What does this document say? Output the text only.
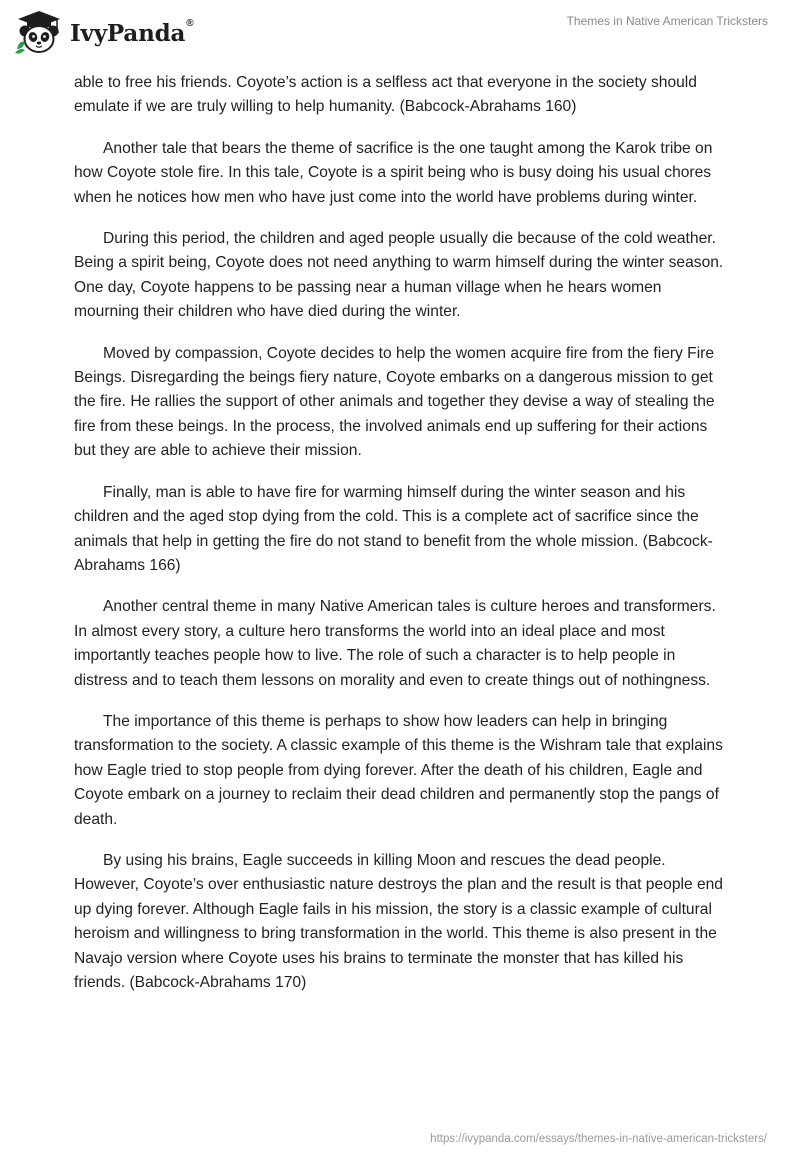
IvyPanda®	Themes in Native American Tricksters

able to free his friends. Coyote’s action is a selfless act that everyone in the society should emulate if we are truly willing to help humanity. (Babcock-Abrahams 160)

Another tale that bears the theme of sacrifice is the one taught among the Karok tribe on how Coyote stole fire. In this tale, Coyote is a spirit being who is busy doing his usual chores when he notices how men who have just come into the world have problems during winter.

During this period, the children and aged people usually die because of the cold weather. Being a spirit being, Coyote does not need anything to warm himself during the winter season. One day, Coyote happens to be passing near a human village when he hears women mourning their children who have died during the winter.

Moved by compassion, Coyote decides to help the women acquire fire from the fiery Fire Beings. Disregarding the beings fiery nature, Coyote embarks on a dangerous mission to get the fire. He rallies the support of other animals and together they devise a way of stealing the fire from these beings. In the process, the involved animals end up suffering for their actions but they are able to achieve their mission.

Finally, man is able to have fire for warming himself during the winter season and his children and the aged stop dying from the cold. This is a complete act of sacrifice since the animals that help in getting the fire do not stand to benefit from the whole mission. (Babcock-Abrahams 166)

Another central theme in many Native American tales is culture heroes and transformers. In almost every story, a culture hero transforms the world into an ideal place and most importantly teaches people how to live. The role of such a character is to help people in distress and to teach them lessons on morality and even to create things out of nothingness.

The importance of this theme is perhaps to show how leaders can help in bringing transformation to the society. A classic example of this theme is the Wishram tale that explains how Eagle tried to stop people from dying forever. After the death of his children, Eagle and Coyote embark on a journey to reclaim their dead children and permanently stop the pangs of death.

By using his brains, Eagle succeeds in killing Moon and rescues the dead people. However, Coyote’s over enthusiastic nature destroys the plan and the result is that people end up dying forever. Although Eagle fails in his mission, the story is a classic example of cultural heroism and willingness to bring transformation in the world. This theme is also present in the Navajo version where Coyote uses his brains to terminate the monster that has killed his friends. (Babcock-Abrahams 170)

https://ivypanda.com/essays/themes-in-native-american-tricksters/
